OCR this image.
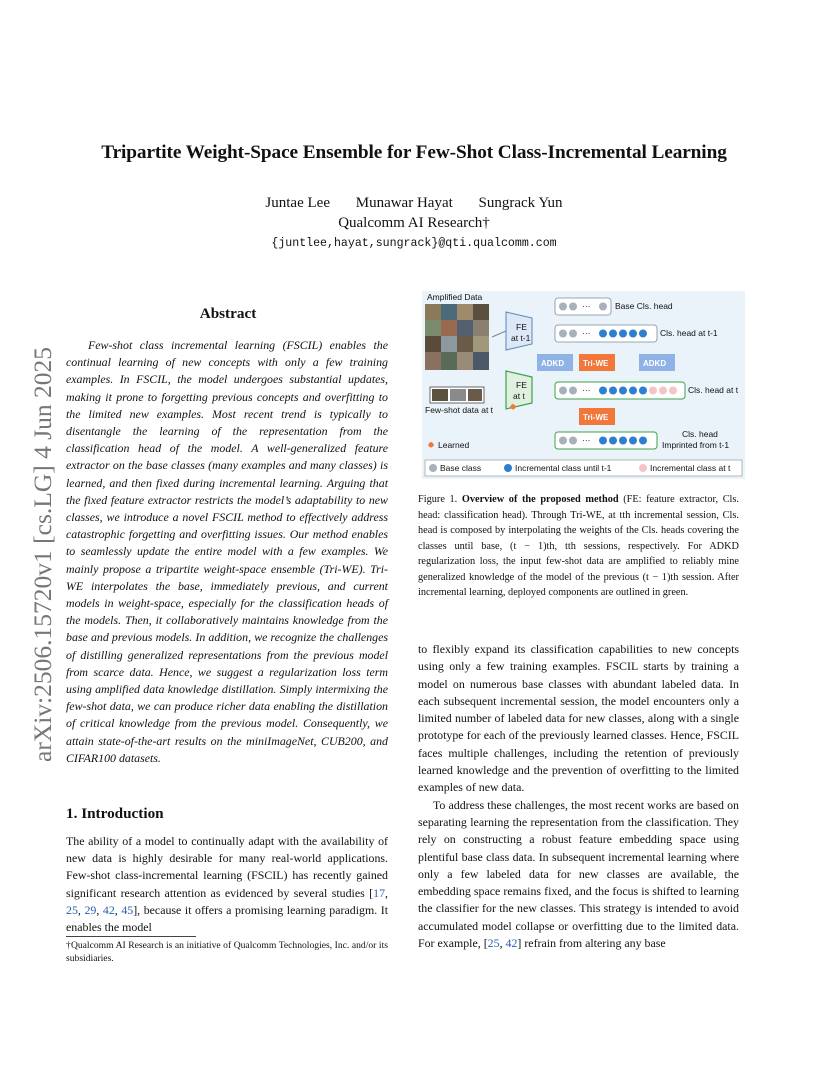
arXiv:2506.15720v1 [cs.LG] 4 Jun 2025
Tripartite Weight-Space Ensemble for Few-Shot Class-Incremental Learning
Juntae Lee Munawar Hayat Sungrack Yun
Qualcomm AI Research†
{juntlee,hayat,sungrack}@qti.qualcomm.com
Abstract

Few-shot class incremental learning (FSCIL) enables the continual learning of new concepts with only a few training examples. In FSCIL, the model undergoes substantial updates, making it prone to forgetting previous concepts and overfitting to the limited new examples. Most recent trend is typically to disentangle the learning of the representation from the classification head of the model. A well-generalized feature extractor on the base classes (many examples and many classes) is learned, and then fixed during incremental learning. Arguing that the fixed feature extractor restricts the model’s adaptability to new classes, we introduce a novel FSCIL method to effectively address catastrophic forgetting and overfitting issues. Our method enables to seamlessly update the entire model with a few examples. We mainly propose a tripartite weight-space ensemble (Tri-WE). Tri-WE interpolates the base, immediately previous, and current models in weight-space, especially for the classification heads of the models. Then, it collaboratively maintains knowledge from the base and previous models. In addition, we recognize the challenges of distilling generalized representations from the previous model from scarce data. Hence, we suggest a regularization loss term using amplified data knowledge distillation. Simply intermixing the few-shot data, we can produce richer data enabling the distillation of critical knowledge from the previous model. Consequently, we attain state-of-the-art results on the miniImageNet, CUB200, and CIFAR100 datasets.

1. Introduction

The ability of a model to continually adapt with the availability of new data is highly desirable for many real-world applications. Few-shot class-incremental learning (FSCIL) has recently gained significant research attention as evidenced by several studies [17, 25, 29, 42, 45], because it offers a promising learning paradigm. It enables the model

†Qualcomm AI Research is an initiative of Qualcomm Technologies, Inc. and/or its subsidiaries.

Amplified Data
FE
at t-1
···	Base Cls. head
···	Cls. head at t-1
ADKD Tri-WE	ADKD
FE
at t
···	Cls. head at t
Few-shot data at t
Tri-WE
···
Cls. head
Imprinted from t-1
Learned
Base class	Incremental class until t-1	Incremental class at t

Figure 1. Overview of the proposed method (FE: feature extractor, Cls. head: classification head). Through Tri-WE, at tth incremental session, Cls. head is composed by interpolating the weights of the Cls. heads covering the classes until base, (t − 1)th, tth sessions, respectively. For ADKD regularization loss, the input few-shot data are amplified to reliably mine generalized knowledge of the model of the previous (t − 1)th session. After incremental learning, deployed components are outlined in green.

to flexibly expand its classification capabilities to new concepts using only a few training examples. FSCIL starts by training a model on numerous base classes with abundant labeled data. In each subsequent incremental session, the model encounters only a limited number of labeled data for new classes, along with a single prototype for each of the previously learned classes. Hence, FSCIL faces multiple challenges, including the retention of previously learned knowledge and the prevention of overfitting to the limited examples of new data.

To address these challenges, the most recent works are based on separating learning the representation from the classification. They rely on constructing a robust feature embedding space using plentiful base class data. In subsequent incremental learning where only a few labeled data for new classes are available, the embedding space remains fixed, and the focus is shifted to learning the classifier for the new classes. This strategy is intended to avoid accumulated model collapse or overfitting due to the limited data. For example, [25, 42] refrain from altering any base
